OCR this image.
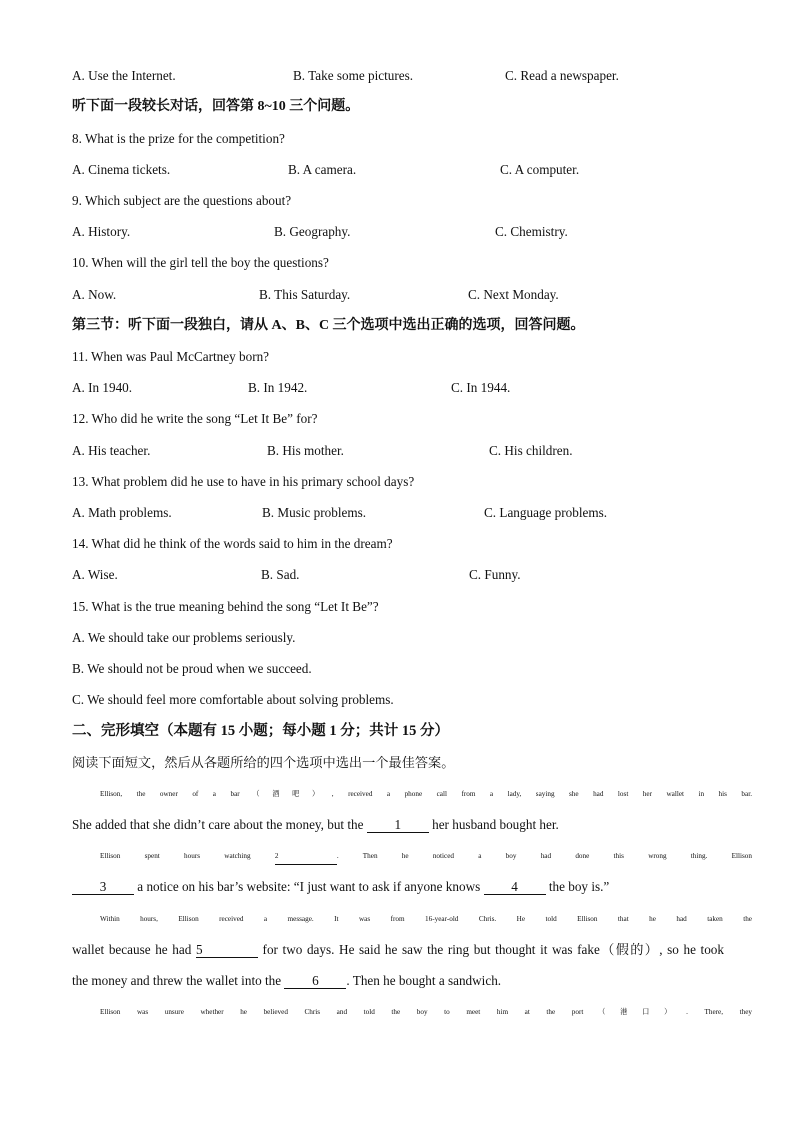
A. Use the Internet.	B. Take some pictures.	C. Read a newspaper.
听下面一段较长对话，回答第 8~10 三个问题。
8. What is the prize for the competition?
A. Cinema tickets.	B. A camera.	C. A computer.
9. Which subject are the questions about?
A. History.	B. Geography.	C. Chemistry.
10. When will the girl tell the boy the questions?
A. Now.	B. This Saturday.	C. Next Monday.
第三节：听下面一段独白，请从 A、B、C 三个选项中选出正确的选项，回答问题。
11. When was Paul McCartney born?
A. In 1940.	B. In 1942.	C. In 1944.
12. Who did he write the song “Let It Be” for?
A. His teacher.	B. His mother.	C. His children.
13. What problem did he use to have in his primary school days?
A. Math problems.	B. Music problems.	C. Language problems.
14. What did he think of the words said to him in the dream?
A. Wise.	B. Sad.	C. Funny.
15. What is the true meaning behind the song “Let It Be”?
A. We should take our problems seriously.
B. We should not be proud when we succeed.
C. We should feel more comfortable about solving problems.
二、完形填空（本题有 15 小题；每小题 1 分；共计 15 分）
阅读下面短文，然后从各题所给的四个选项中选出一个最佳答案。
Ellison, the owner of a bar（酒吧）, received a phone call from a lady, saying she had lost her wallet in his bar.
She added that she didn’t care about the money, but the 1 her husband bought her.
Ellison spent hours watching 2	. Then he noticed a boy had done this wrong thing. Ellison
3 a notice on his bar’s website: “I just want to ask if anyone knows 4 the boy is.”
Within hours, Ellison received a message. It was from 16-year-old Chris. He told Ellison that he had taken the
wallet because he had 5	for two days. He said he saw the ring but thought it was fake（假的）, so he took
the money and threw the wallet into the 6 . Then he bought a sandwich.
Ellison was unsure whether he believed Chris and told the boy to meet him at the port（港口）. There, they
